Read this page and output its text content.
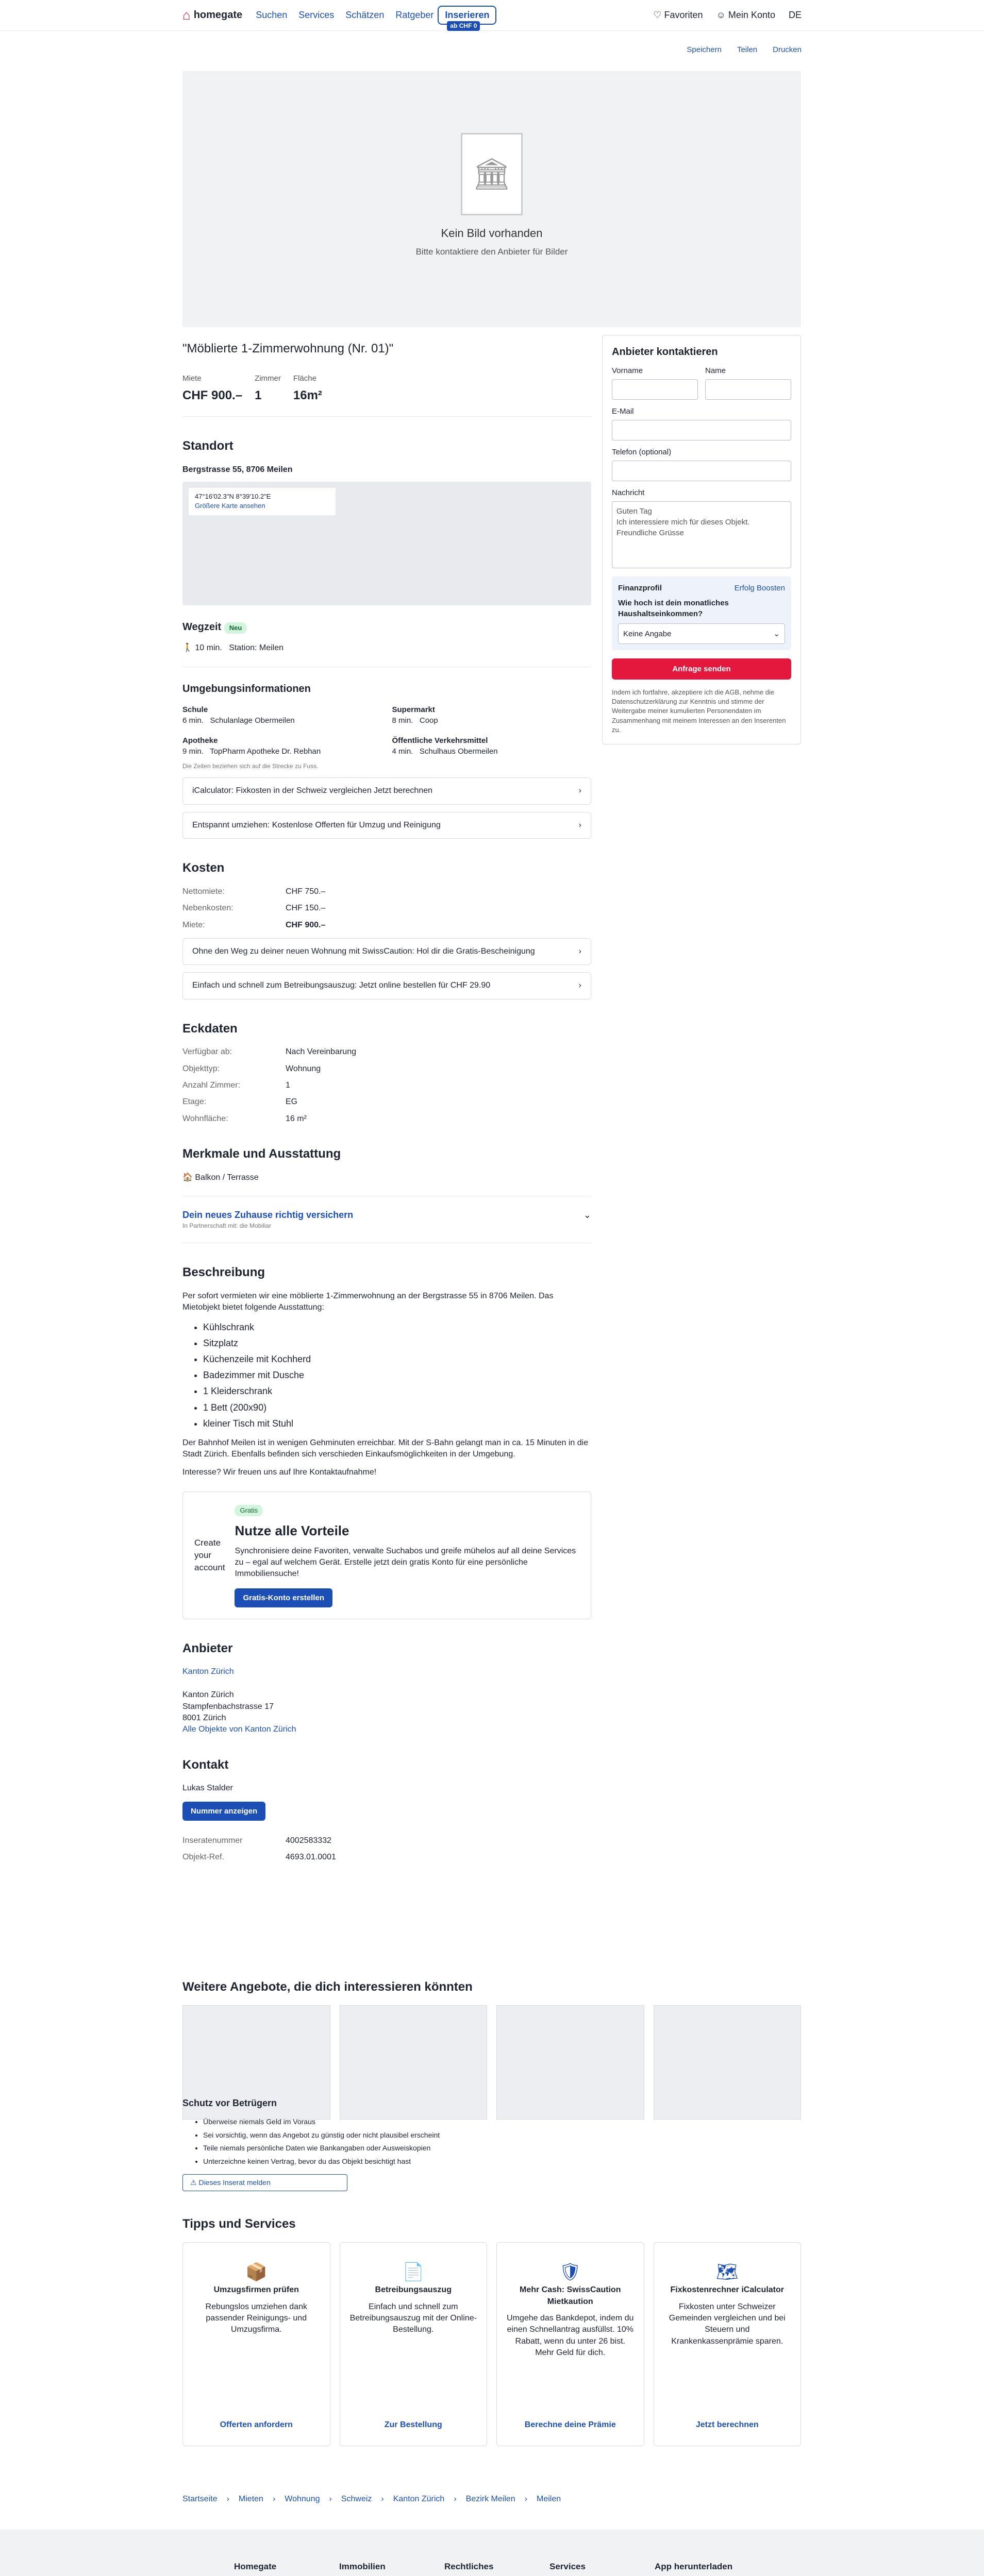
⌂ homegate Suchen Services Schätzen Ratgeber	Inserieren
ab CHF 0
♡ Favoriten ☺ Mein Konto DE
Speichern Teilen Drucken
🏛
Kein Bild vorhanden
Bitte kontaktiere den Anbieter für Bilder
"Möblierte 1-Zimmerwohnung (Nr. 01)"
Miete
CHF 900.–
Zimmer
1
Fläche
16m²
Standort
Bergstrasse 55, 8706 Meilen
47°16'02.3"N 8°39'10.2"E
Größere Karte ansehen
Wegzeit Neu
🚶 10 min. Station: Meilen
Umgebungsinformationen
Schule
6 min. Schulanlage Obermeilen
Supermarkt
8 min. Coop
Apotheke
9 min. TopPharm Apotheke Dr. Rebhan
Öffentliche Verkehrsmittel
4 min. Schulhaus Obermeilen
Die Zeiten beziehen sich auf die Strecke zu Fuss.
iCalculator: Fixkosten in der Schweiz vergleichen Jetzt berechnen	›
Entspannt umziehen: Kostenlose Offerten für Umzug und Reinigung	›
Kosten
Nettomiete:	CHF 750.–
Nebenkosten:	CHF 150.–
Miete:	CHF 900.–
Ohne den Weg zu deiner neuen Wohnung mit SwissCaution: Hol dir die Gratis-Bescheinigung	›
Einfach und schnell zum Betreibungsauszug: Jetzt online bestellen für CHF 29.90	›
Eckdaten
Verfügbar ab:	Nach Vereinbarung
Objekttyp:	Wohnung
Anzahl Zimmer:	1
Etage:	EG
Wohnfläche:	16 m²
Merkmale und Ausstattung
🏠 Balkon / Terrasse
Dein neues Zuhause richtig versichern
In Partnerschaft mit: die Mobiliar
⌄
Beschreibung
Per sofort vermieten wir eine möblierte 1-Zimmerwohnung an der Bergstrasse 55 in 8706 Meilen. Das Mietobjekt bietet folgende Ausstattung:
• Kühlschrank
• Sitzplatz
• Küchenzeile mit Kochherd
• Badezimmer mit Dusche
• 1 Kleiderschrank
• 1 Bett (200x90)
• kleiner Tisch mit Stuhl
Der Bahnhof Meilen ist in wenigen Gehminuten erreichbar. Mit der S-Bahn gelangt man in ca. 15 Minuten in die Stadt Zürich. Ebenfalls befinden sich verschieden Einkaufsmöglichkeiten in der Umgebung.
Interesse? Wir freuen uns auf Ihre Kontaktaufnahme!
Create your account
Gratis
Nutze alle Vorteile
Synchronisiere deine Favoriten, verwalte Suchabos und greife mühelos auf all deine Services zu – egal auf welchem Gerät. Erstelle jetzt dein gratis Konto für eine persönliche Immobiliensuche!
Gratis-Konto erstellen
Anbieter
Kanton Zürich

Kanton Zürich
Stampfenbachstrasse 17
8001 Zürich
Alle Objekte von Kanton Zürich
Kontakt
Lukas Stalder
Nummer anzeigen
Inseratenummer	4002583332
Objekt-Ref.	4693.01.0001
Anbieter kontaktieren
Vorname	Name
E-Mail
Telefon (optional)
Nachricht
Guten Tag
Ich interessiere mich für dieses Objekt.
Freundliche Grüsse
Finanzprofil	Erfolg Boosten
Wie hoch ist dein monatliches Haushaltseinkommen?
Keine Angabe	⌄
Anfrage senden
Indem ich fortfahre, akzeptiere ich die AGB, nehme die Datenschutzerklärung zur Kenntnis und stimme der Weitergabe meiner kumulierten Personendaten im Zusammenhang mit meinem Interessen an den Inserenten zu.
Weitere Angebote, die dich interessieren könnten
Schutz vor Betrügern
• Überweise niemals Geld im Voraus
• Sei vorsichtig, wenn das Angebot zu günstig oder nicht plausibel erscheint
• Teile niemals persönliche Daten wie Bankangaben oder Ausweiskopien
• Unterzeichne keinen Vertrag, bevor du das Objekt besichtigt hast
⚠ Dieses Inserat melden
Tipps und Services
📦
Umzugsfirmen prüfen

Rebungslos umziehen dank passender Reinigungs- und Umzugsfirma.

Offerten anfordern
📄
Betreibungsauszug

Einfach und schnell zum Betreibungsauszug mit der Online-Bestellung.

Zur Bestellung
🛡
Mehr Cash: SwissCaution Mietkaution

Umgehe das Bankdepot, indem du einen Schnellantrag ausfüllst. 10% Rabatt, wenn du unter 26 bist. Mehr Geld für dich.

Berechne deine Prämie
🗺
Fixkostenrechner iCalculator

Fixkosten unter Schweizer Gemeinden vergleichen und bei Steuern und Krankenkassenprämie sparen.

Jetzt berechnen
Startseite › Mieten › Wohnung › Schweiz › Kanton Zürich › Bezirk Meilen › Meilen
Homegate	Immobilien	Rechtliches	Services	App herunterladen
